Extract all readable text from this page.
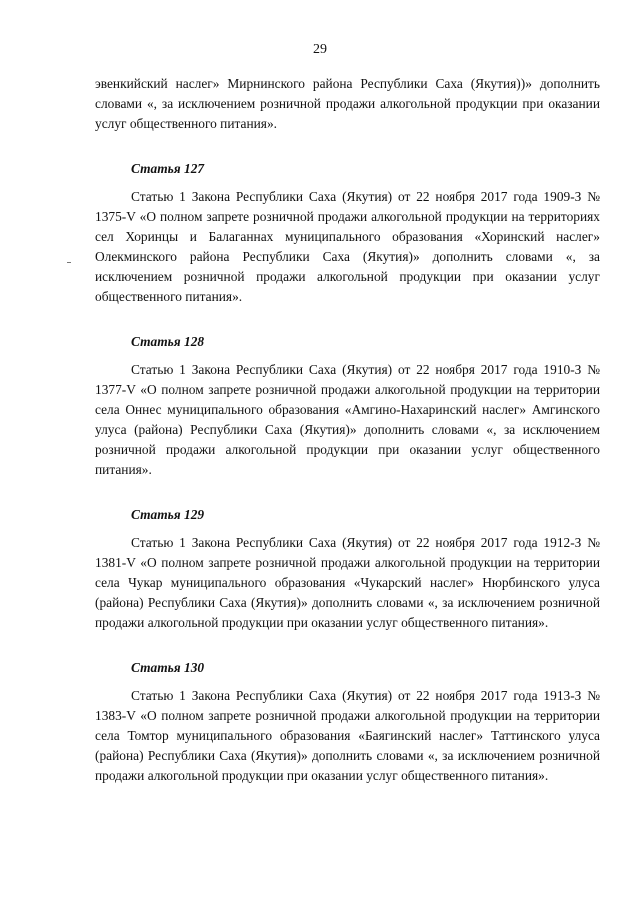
29

эвенкийский наслег» Мирнинского района Республики Саха (Якутия))» дополнить словами «, за исключением розничной продажи алкогольной продукции при оказании услуг общественного питания».

Статья 127

Статью 1 Закона Республики Саха (Якутия) от 22 ноября 2017 года 1909-З № 1375-V «О полном запрете розничной продажи алкогольной продукции на территориях сел Хоринцы и Балаганнах муниципального образования «Хоринский наслег» Олекминского района Республики Саха (Якутия)» дополнить словами «, за исключением розничной продажи алкогольной продукции при оказании услуг общественного питания».

Статья 128

Статью 1 Закона Республики Саха (Якутия) от 22 ноября 2017 года 1910-З № 1377-V «О полном запрете розничной продажи алкогольной продукции на территории села Оннес муниципального образования «Амгино-Нахаринский наслег» Амгинского улуса (района) Республики Саха (Якутия)» дополнить словами «, за исключением розничной продажи алкогольной продукции при оказании услуг общественного питания».

Статья 129

Статью 1 Закона Республики Саха (Якутия) от 22 ноября 2017 года 1912-З № 1381-V «О полном запрете розничной продажи алкогольной продукции на территории села Чукар муниципального образования «Чукарский наслег» Нюрбинского улуса (района) Республики Саха (Якутия)» дополнить словами «, за исключением розничной продажи алкогольной продукции при оказании услуг общественного питания».

Статья 130

Статью 1 Закона Республики Саха (Якутия) от 22 ноября 2017 года 1913-З № 1383-V «О полном запрете розничной продажи алкогольной продукции на территории села Томтор муниципального образования «Баягинский наслег» Таттинского улуса (района) Республики Саха (Якутия)» дополнить словами «, за исключением розничной продажи алкогольной продукции при оказании услуг общественного питания».
